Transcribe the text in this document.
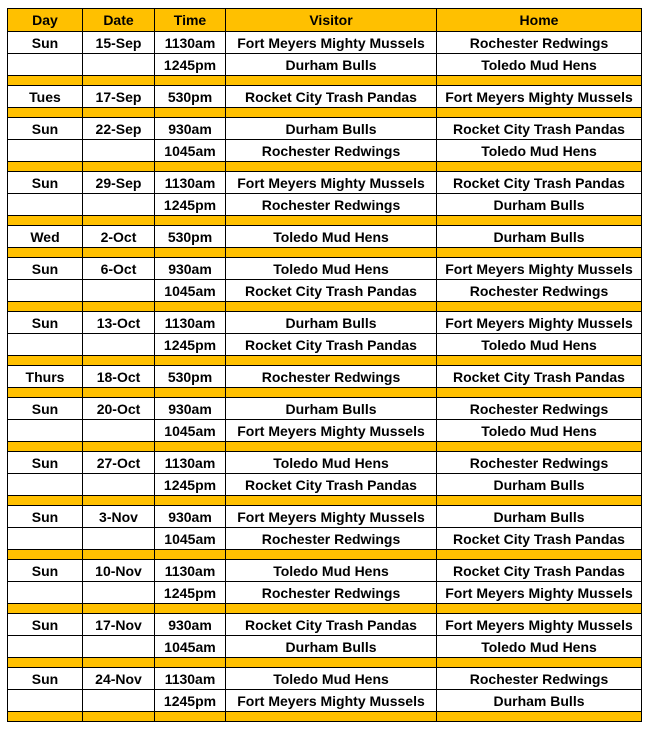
Day	Date	Time	Visitor	Home
Sun	15-Sep	1130am	Fort Meyers Mighty Mussels	Rochester Redwings
		1245pm	Durham Bulls	Toledo Mud Hens

Tues	17-Sep	530pm	Rocket City Trash Pandas	Fort Meyers Mighty Mussels

Sun	22-Sep	930am	Durham Bulls	Rocket City Trash Pandas
		1045am	Rochester Redwings	Toledo Mud Hens

Sun	29-Sep	1130am	Fort Meyers Mighty Mussels	Rocket City Trash Pandas
		1245pm	Rochester Redwings	Durham Bulls

Wed	2-Oct	530pm	Toledo Mud Hens	Durham Bulls

Sun	6-Oct	930am	Toledo Mud Hens	Fort Meyers Mighty Mussels
		1045am	Rocket City Trash Pandas	Rochester Redwings

Sun	13-Oct	1130am	Durham Bulls	Fort Meyers Mighty Mussels
		1245pm	Rocket City Trash Pandas	Toledo Mud Hens

Thurs	18-Oct	530pm	Rochester Redwings	Rocket City Trash Pandas

Sun	20-Oct	930am	Durham Bulls	Rochester Redwings
		1045am	Fort Meyers Mighty Mussels	Toledo Mud Hens

Sun	27-Oct	1130am	Toledo Mud Hens	Rochester Redwings
		1245pm	Rocket City Trash Pandas	Durham Bulls

Sun	3-Nov	930am	Fort Meyers Mighty Mussels	Durham Bulls
		1045am	Rochester Redwings	Rocket City Trash Pandas

Sun	10-Nov	1130am	Toledo Mud Hens	Rocket City Trash Pandas
		1245pm	Rochester Redwings	Fort Meyers Mighty Mussels

Sun	17-Nov	930am	Rocket City Trash Pandas	Fort Meyers Mighty Mussels
		1045am	Durham Bulls	Toledo Mud Hens

Sun	24-Nov	1130am	Toledo Mud Hens	Rochester Redwings
		1245pm	Fort Meyers Mighty Mussels	Durham Bulls
